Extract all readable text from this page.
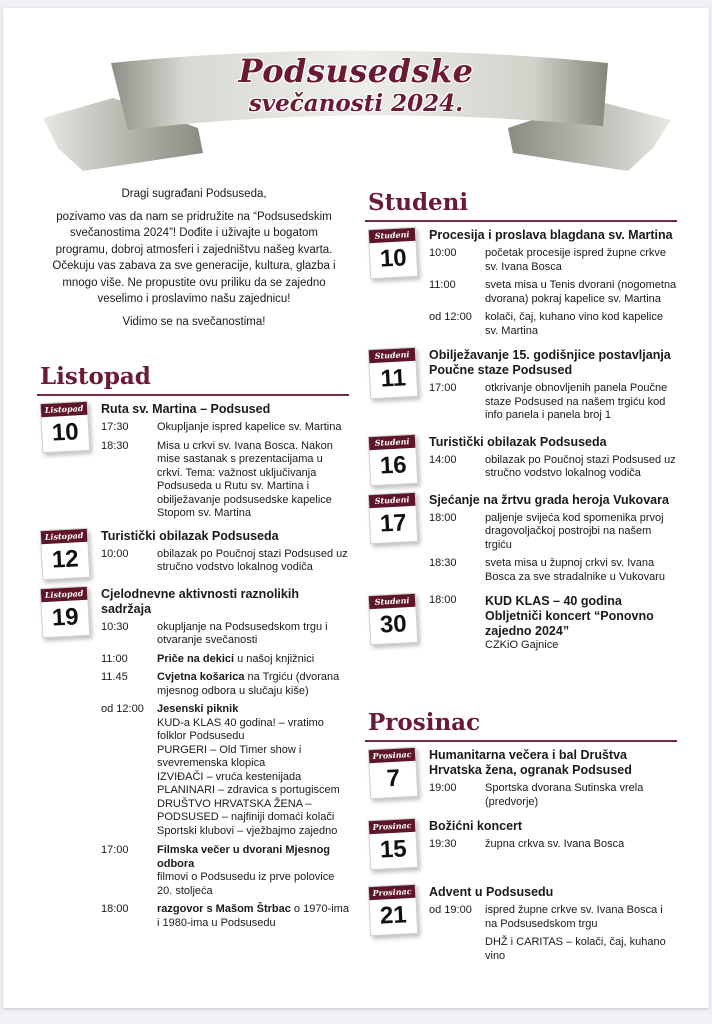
Podsusedske
svečanosti 2024.

Dragi sugrađani Podsuseda,

pozivamo vas da nam se pridružite na “Podsusedskim svečanostima 2024”! Dođite i uživajte u bogatom programu, dobroj atmosferi i zajedništvu našeg kvarta. Očekuju vas zabava za sve generacije, kultura, glazba i mnogo više. Ne propustite ovu priliku da se zajedno veselimo i proslavimo našu zajednicu!

Vidimo se na svečanostima!

Listopad
Listopad
10
Ruta sv. Martina – Podsused
17:30	Okupljanje ispred kapelice sv. Martina
18:30	Misa u crkvi sv. Ivana Bosca. Nakon mise sastanak s prezentacijama u crkvi. Tema: važnost uključivanja Podsuseda u Rutu sv. Martina i obilježavanje podsusedske kapelice Stopom sv. Martina
Listopad
12
Turistički obilazak Podsuseda
10:00	obilazak po Poučnoj stazi Podsused uz stručno vodstvo lokalnog vodiča
Listopad
19
Cjelodnevne aktivnosti raznolikih sadržaja
10:30	okupljanje na Podsusedskom trgu i otvaranje svečanosti
11:00	Priče na dekici u našoj knjižnici
11.45	Cvjetna košarica na Trgiću (dvorana mjesnog odbora u slučaju kiše)
od 12:00	Jesenski piknik
KUD-a KLAS 40 godina! – vratimo folklor Podsusedu
PURGERI – Old Timer show i svevremenska klopica
IZVIĐAČI – vruća kestenijada
PLANINARI – zdravica s portugiscem
DRUŠTVO HRVATSKA ŽENA – PODSUSED – najfiniji domaći kolači
Sportski klubovi – vježbajmo zajedno
17:00	Filmska večer u dvorani Mjesnog odbora
filmovi o Podsusedu iz prve polovice 20. stoljeća
18:00	razgovor s Mašom Štrbac o 1970-ima i 1980-ima u Podsusedu
Studeni
Studeni
10
Procesija i proslava blagdana sv. Martina
10:00	početak procesije ispred župne crkve sv. Ivana Bosca
11:00	sveta misa u Tenis dvorani (nogometna dvorana) pokraj kapelice sv. Martina
od 12:00	kolači, čaj, kuhano vino kod kapelice sv. Martina
Studeni
11
Obilježavanje 15. godišnjice postavljanja Poučne staze Podsused
17:00	otkrivanje obnovljenih panela Poučne staze Podsused na našem trgiću kod info panela i panela broj 1
Studeni
16
Turistički obilazak Podsuseda
14:00	obilazak po Poučnoj stazi Podsused uz stručno vodstvo lokalnog vodiča
Studeni
17
Sjećanje na žrtvu grada heroja Vukovara
18:00	paljenje svijeća kod spomenika prvoj dragovoljačkoj postrojbi na našem trgiću
18:30	sveta misa u župnoj crkvi sv. Ivana Bosca za sve stradalnike u Vukovaru
Studeni
30
18:00	KUD KLAS – 40 godina Obljetniči koncert “Ponovno zajedno 2024”
CZKiO Gajnice
Prosinac
Prosinac
7
Humanitarna večera i bal Društva Hrvatska žena, ogranak Podsused
19:00	Sportska dvorana Sutinska vrela (predvorje)
Prosinac
15
Božićni koncert
19:30	župna crkva sv. Ivana Bosca
Prosinac
21
Advent u Podsusedu
od 19:00	ispred župne crkve sv. Ivana Bosca i na Podsusedskom trgu
DHŽ i CARITAS – kolači, čaj, kuhano vino
